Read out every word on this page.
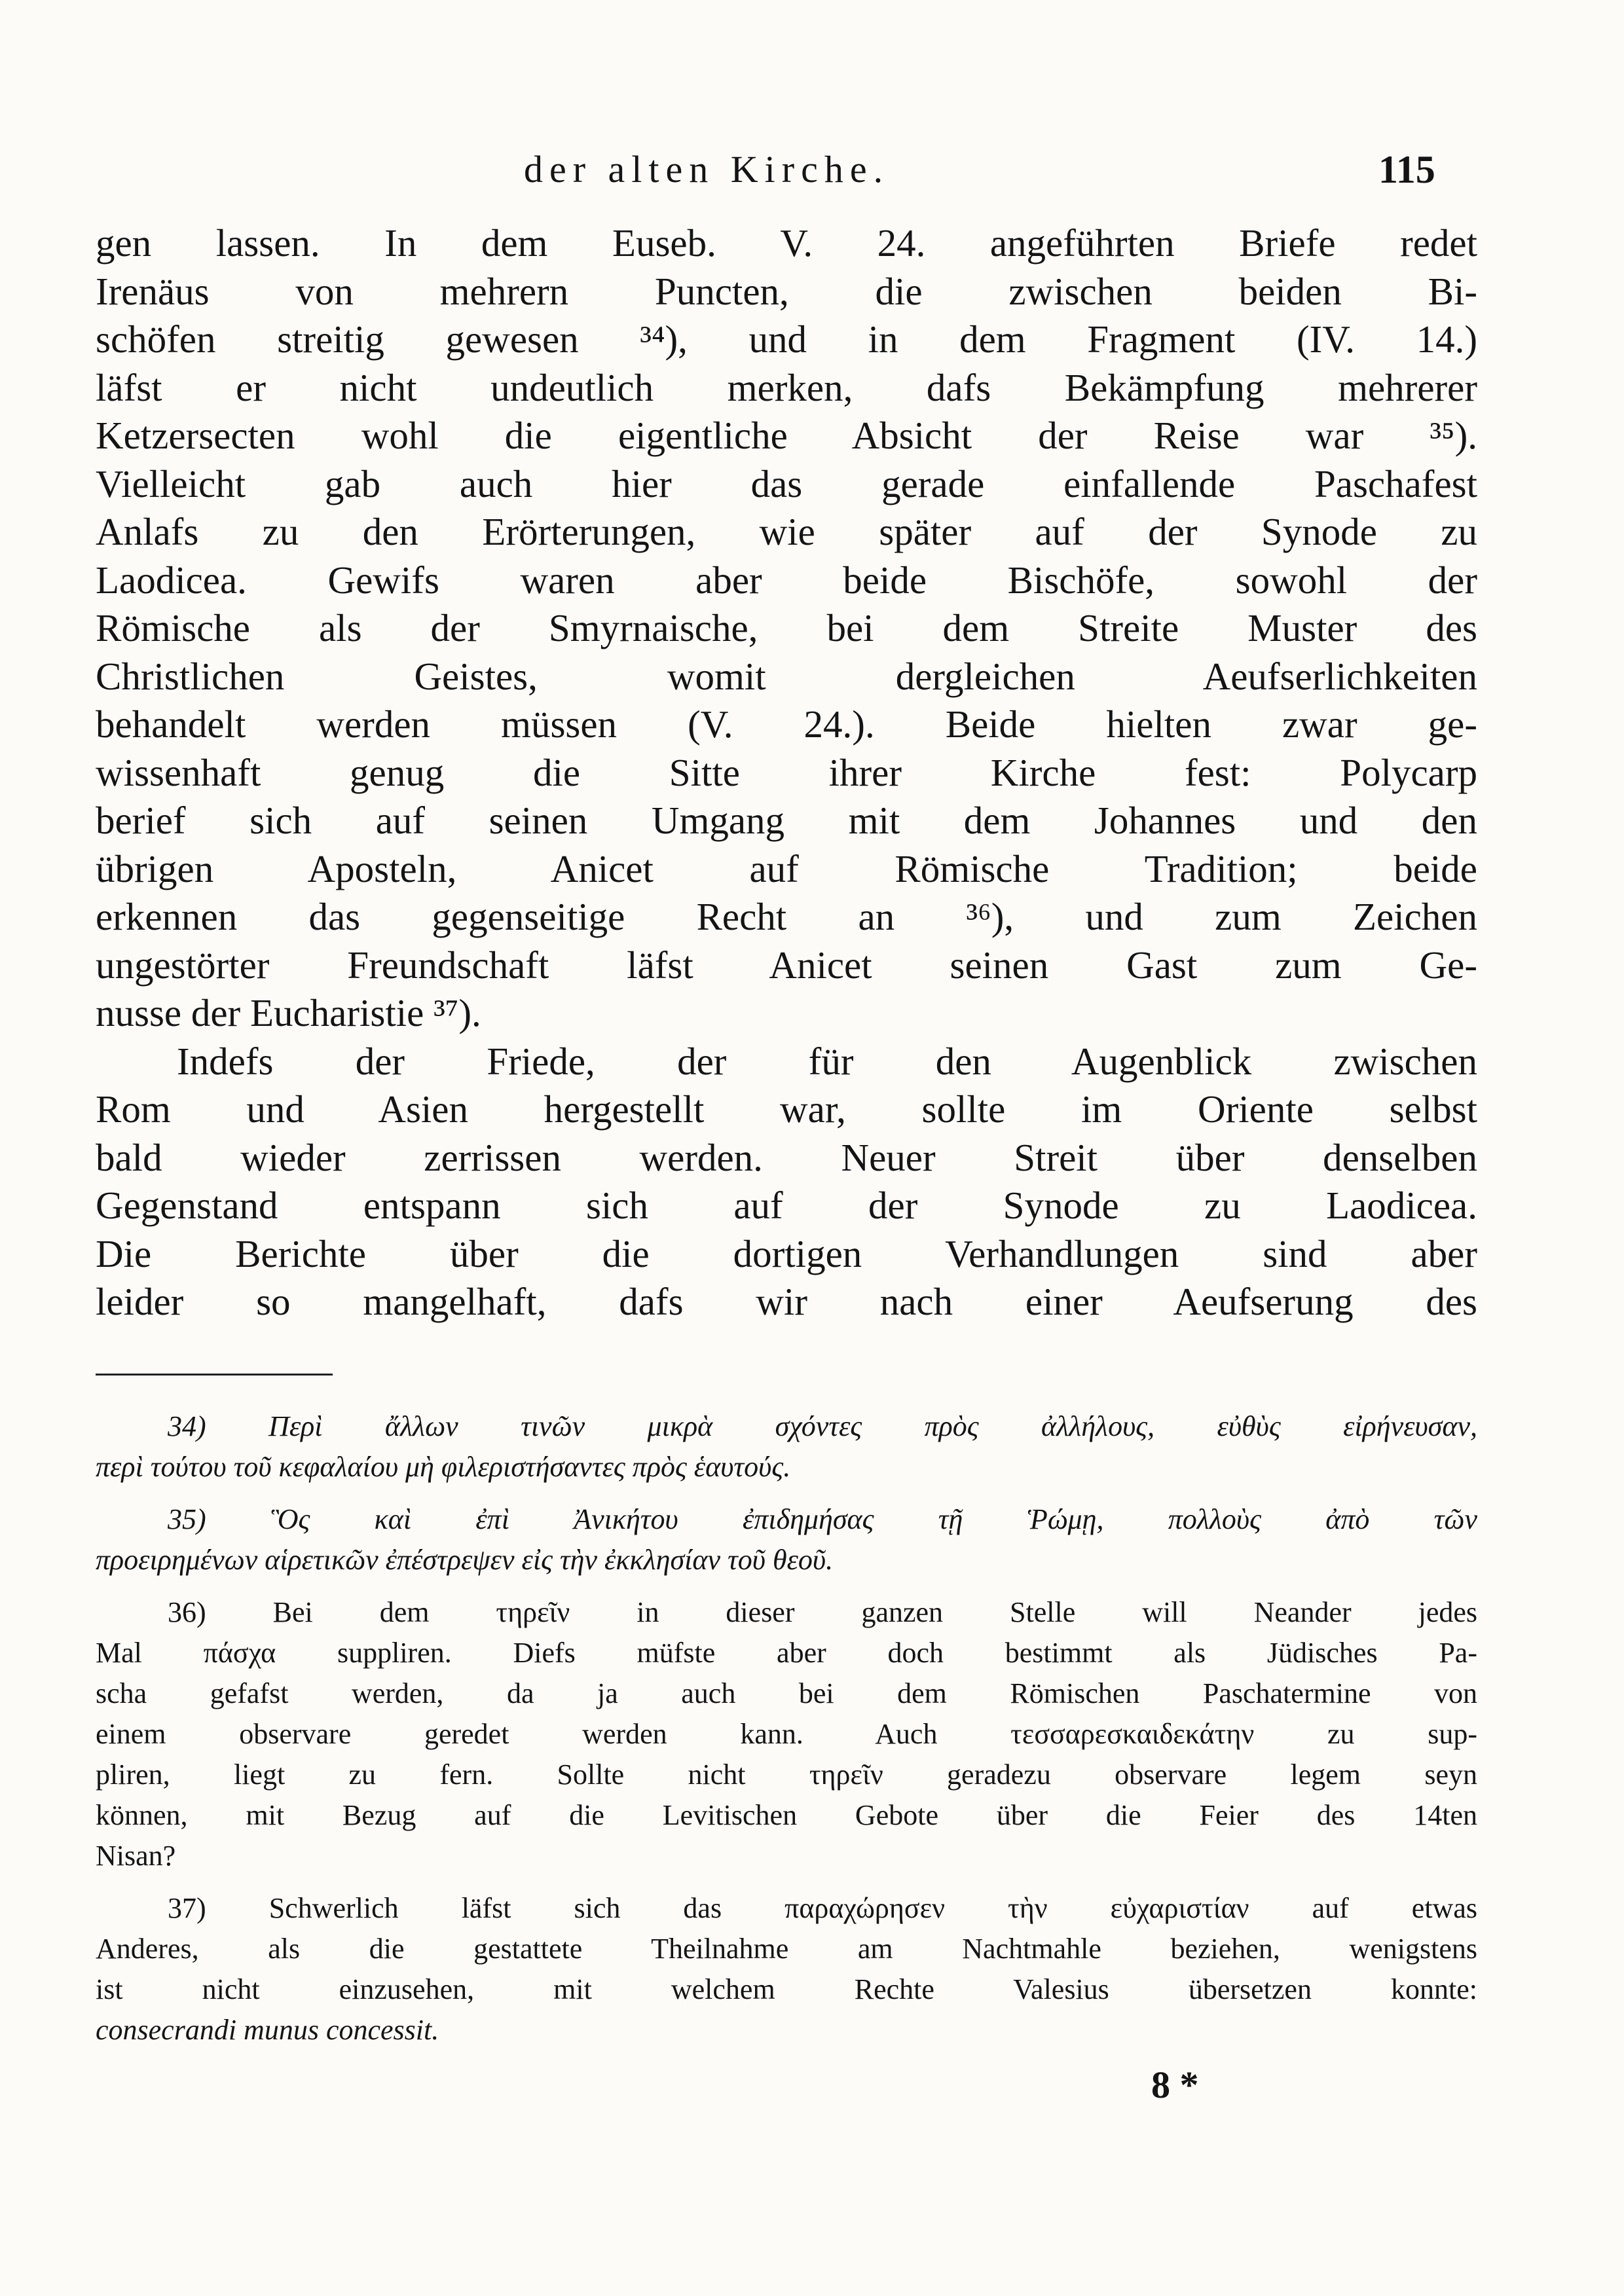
der alten Kirche.	115
gen lassen. In dem Euseb. V. 24. angeführten Briefe redet
Irenäus von mehrern Puncten, die zwischen beiden Bi-
schöfen streitig gewesen ³⁴), und in dem Fragment (IV. 14.)
läfst er nicht undeutlich merken, dafs Bekämpfung mehrerer
Ketzersecten wohl die eigentliche Absicht der Reise war ³⁵).
Vielleicht gab auch hier das gerade einfallende Paschafest
Anlafs zu den Erörterungen, wie später auf der Synode zu
Laodicea. Gewifs waren aber beide Bischöfe, sowohl der
Römische als der Smyrnaische, bei dem Streite Muster des
Christlichen Geistes, womit dergleichen Aeufserlichkeiten
behandelt werden müssen (V. 24.). Beide hielten zwar ge-
wissenhaft genug die Sitte ihrer Kirche fest: Polycarp
berief sich auf seinen Umgang mit dem Johannes und den
übrigen Aposteln, Anicet auf Römische Tradition; beide
erkennen das gegenseitige Recht an ³⁶), und zum Zeichen
ungestörter Freundschaft läfst Anicet seinen Gast zum Ge-
nusse der Eucharistie ³⁷).
Indefs der Friede, der für den Augenblick zwischen
Rom und Asien hergestellt war, sollte im Oriente selbst
bald wieder zerrissen werden. Neuer Streit über denselben
Gegenstand entspann sich auf der Synode zu Laodicea.
Die Berichte über die dortigen Verhandlungen sind aber
leider so mangelhaft, dafs wir nach einer Aeufserung des
34) Περὶ ἄλλων τινῶν μικρὰ σχόντες πρὸς ἀλλήλους, εὐθὺς εἰρήνευσαν,
περὶ τούτου τοῦ κεφαλαίου μὴ φιλεριστήσαντες πρὸς ἑαυτούς.
35) Ὃς καὶ ἐπὶ Ἀνικήτου ἐπιδημήσας τῇ Ῥώμῃ, πολλοὺς ἀπὸ τῶν
προειρημένων αἱρετικῶν ἐπέστρεψεν εἰς τὴν ἐκκλησίαν τοῦ θεοῦ.
36) Bei dem τηρεῖν in dieser ganzen Stelle will Neander jedes
Mal πάσχα suppliren. Diefs müfste aber doch bestimmt als Jüdisches Pa-
scha gefafst werden, da ja auch bei dem Römischen Paschatermine von
einem observare geredet werden kann. Auch τεσσαρεσκαιδεκάτην zu sup-
pliren, liegt zu fern. Sollte nicht τηρεῖν geradezu observare legem seyn
können, mit Bezug auf die Levitischen Gebote über die Feier des 14ten
Nisan?
37) Schwerlich läfst sich das παραχώρησεν τὴν εὐχαριστίαν auf etwas
Anderes, als die gestattete Theilnahme am Nachtmahle beziehen, wenigstens
ist nicht einzusehen, mit welchem Rechte Valesius übersetzen konnte:
consecrandi munus concessit.
8 *
